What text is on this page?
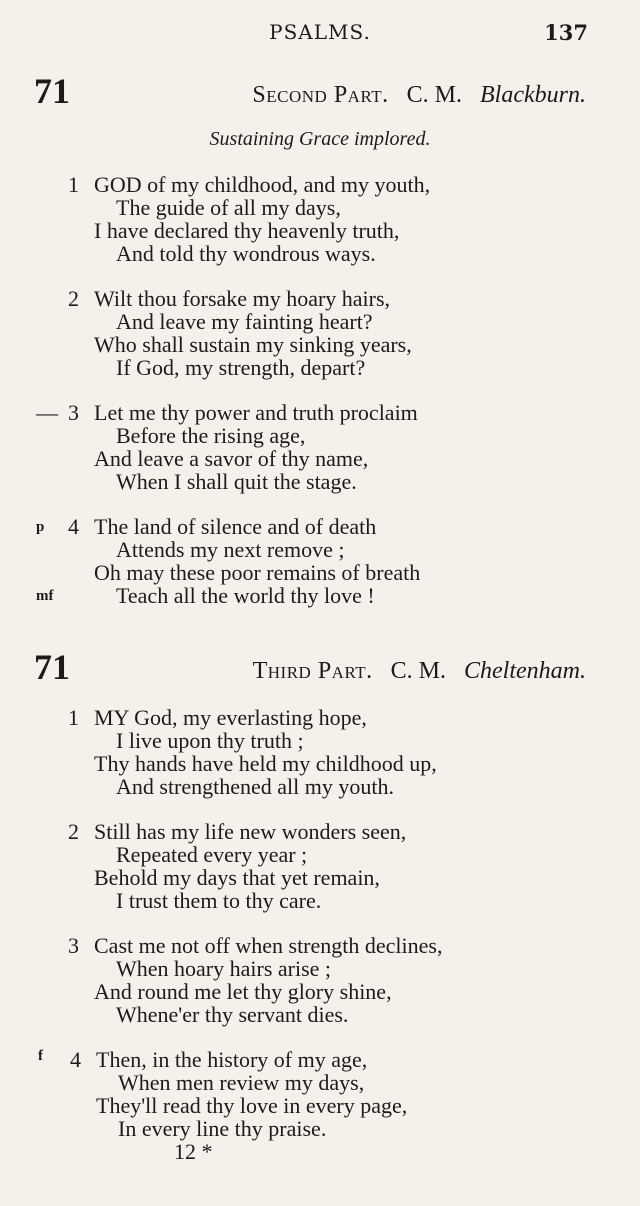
PSALMS.	137
71	Second Part. C. M. Blackburn.
Sustaining Grace implored.
1 GOD of my childhood, and my youth,
The guide of all my days,
I have declared thy heavenly truth,
And told thy wondrous ways.
2 Wilt thou forsake my hoary hairs,
And leave my fainting heart?
Who shall sustain my sinking years,
If God, my strength, depart?
— 3 Let me thy power and truth proclaim
Before the rising age,
And leave a savor of thy name,
When I shall quit the stage.
p 4 The land of silence and of death
Attends my next remove ;
Oh may these poor remains of breath
mf	Teach all the world thy love !
71	Third Part. C. M. Cheltenham.
1 MY God, my everlasting hope,
I live upon thy truth ;
Thy hands have held my childhood up,
And strengthened all my youth.
2 Still has my life new wonders seen,
Repeated every year ;
Behold my days that yet remain,
I trust them to thy care.
3 Cast me not off when strength declines,
When hoary hairs arise ;
And round me let thy glory shine,
Whene'er thy servant dies.
f 4 Then, in the history of my age,
When men review my days,
They'll read thy love in every page,
In every line thy praise.
12 *
